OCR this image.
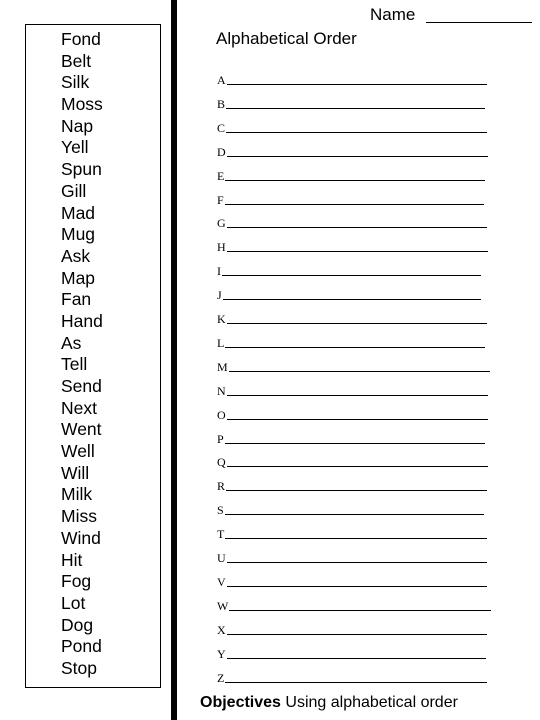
Fond
Belt
Silk
Moss
Nap
Yell
Spun
Gill
Mad
Mug
Ask
Map
Fan
Hand
As
Tell
Send
Next
Went
Well
Will
Milk
Miss
Wind
Hit
Fog
Lot
Dog
Pond
Stop
Name
Alphabetical Order
A
B
C
D
E
F
G
H
I
J
K
L
M
N
O
P
Q
R
S
T
U
V
W
X
Y
Z
Objectives Using alphabetical order
